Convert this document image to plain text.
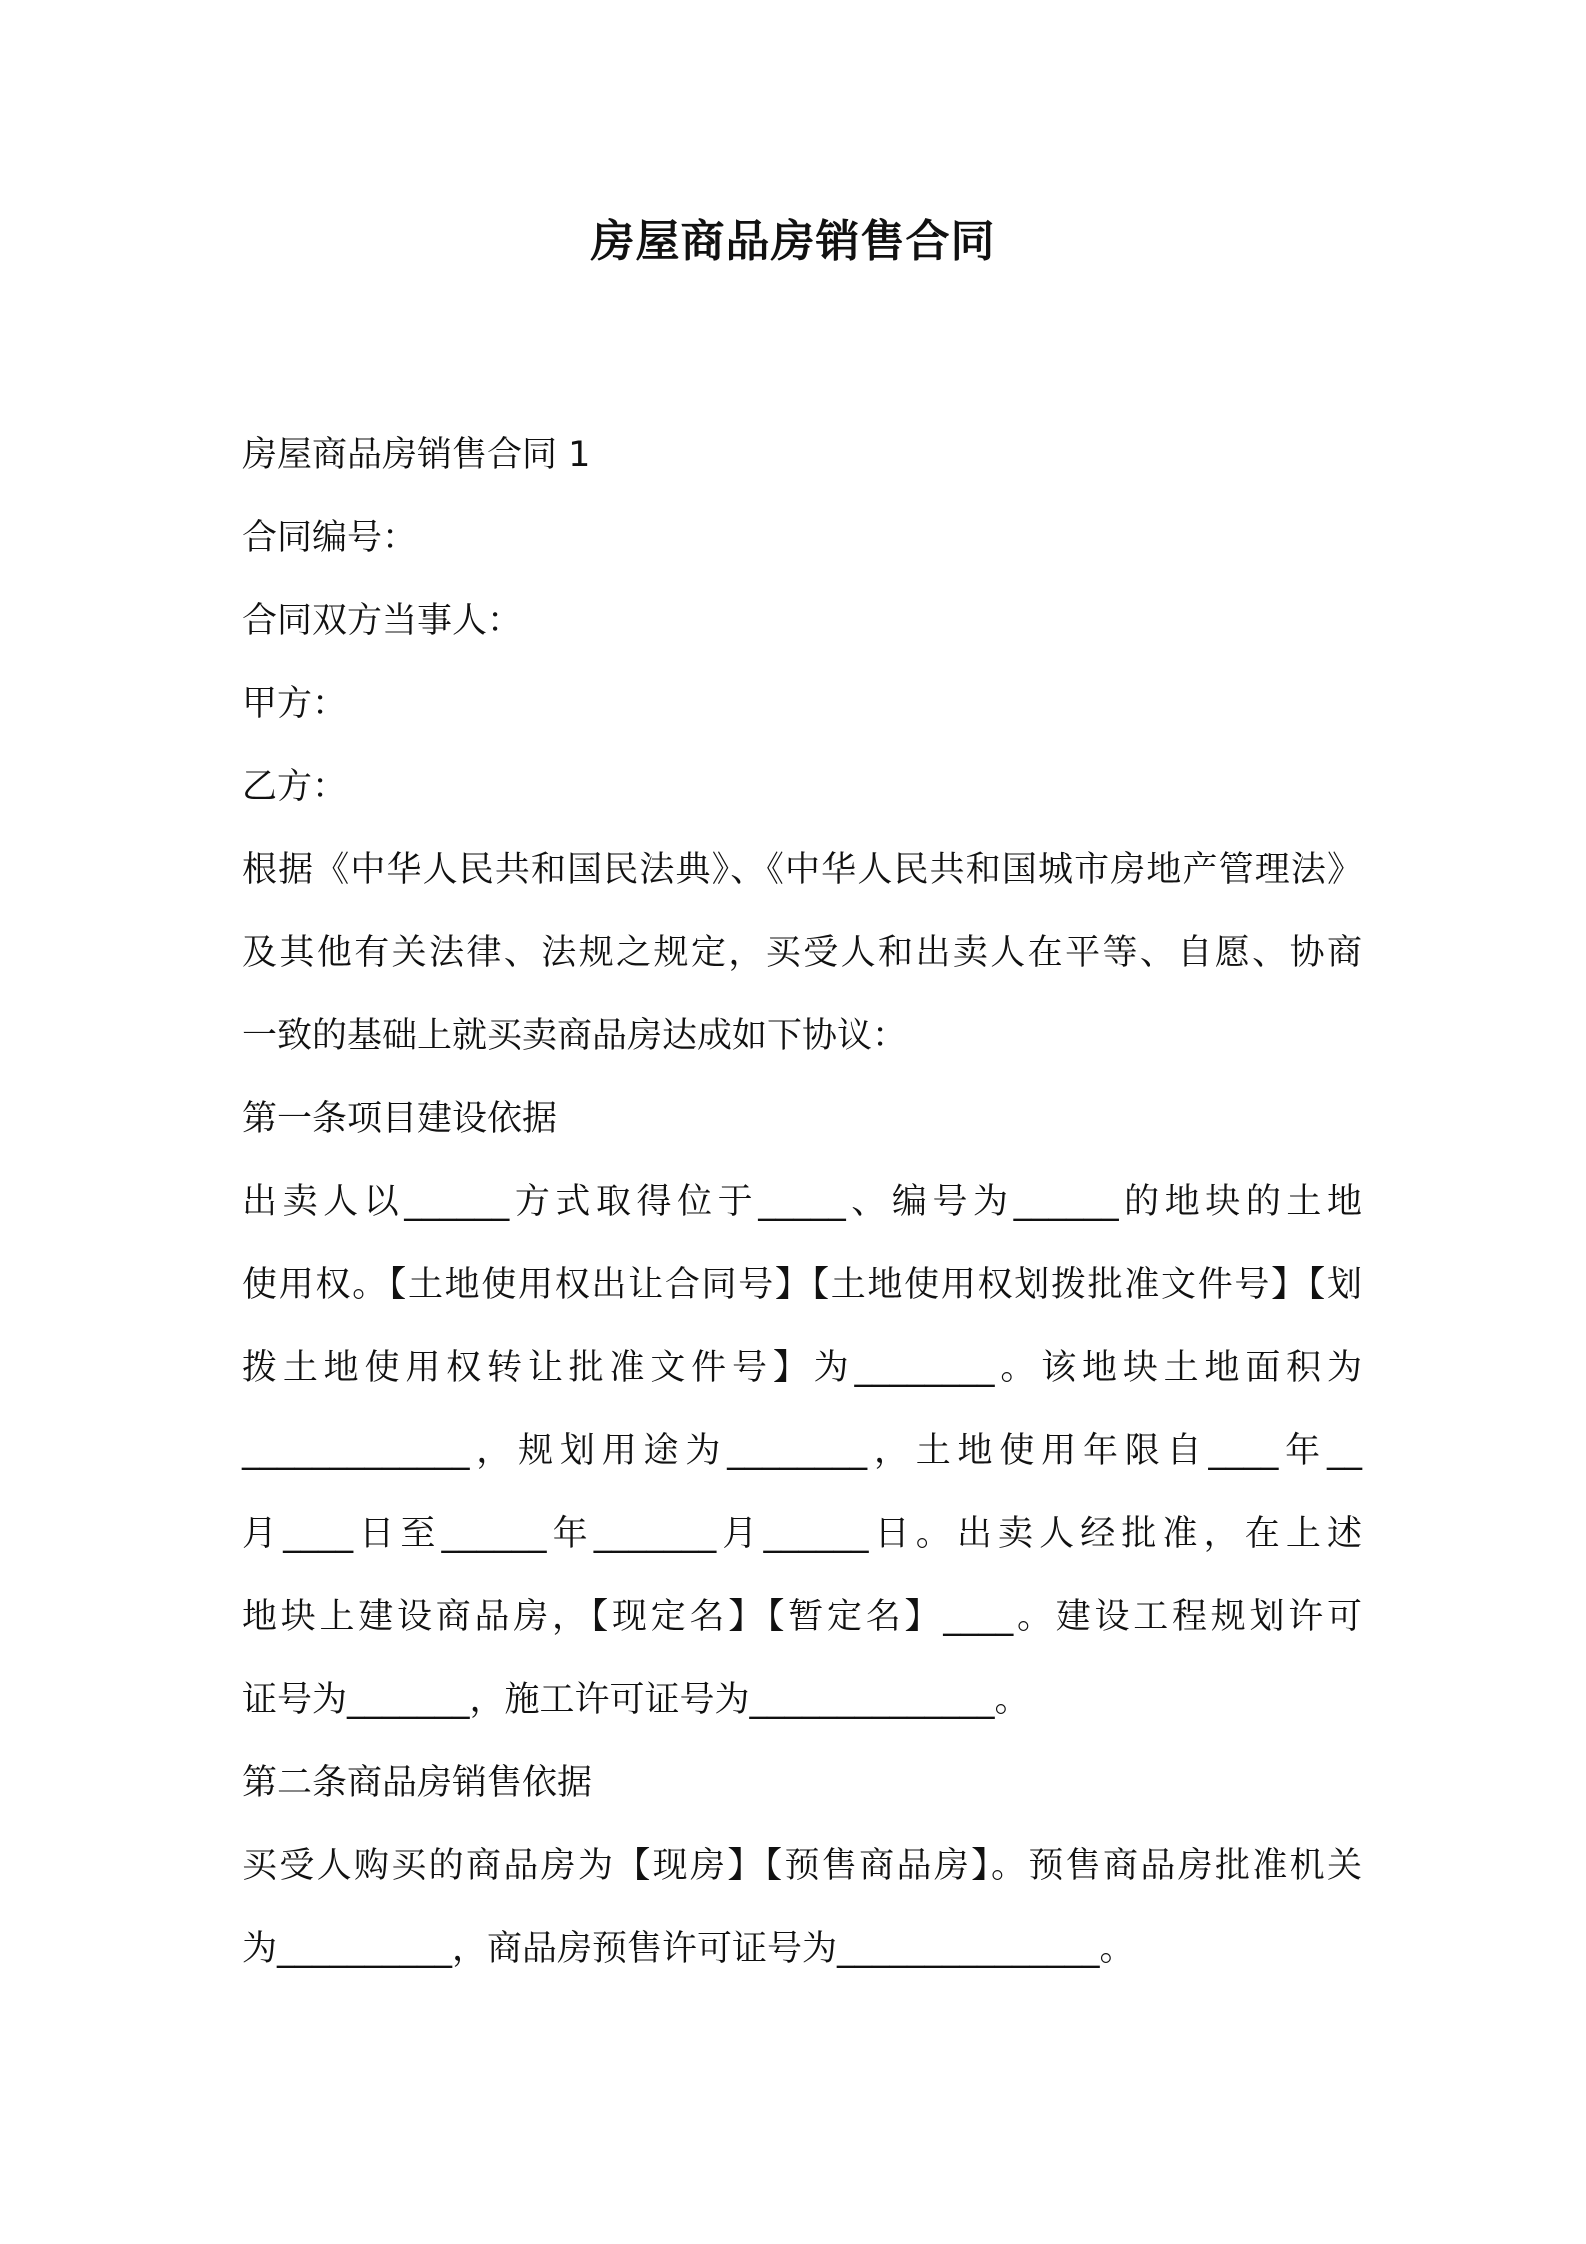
房屋商品房销售合同
房屋商品房销售合同 1
合同编号：
合同双方当事人：
甲方：
乙方：
根据《中华人民共和国民法典》、《中华人民共和国城市房地产管理法》
及其他有关法律、法规之规定，买受人和出卖人在平等、自愿、协商
一致的基础上就买卖商品房达成如下协议：
第一条项目建设依据
出卖人以______方式取得位于_____、编号为______的地块的土地
使用权。【土地使用权出让合同号】【土地使用权划拨批准文件号】【划
拨土地使用权转让批准文件号】为________。该地块土地面积为
_____________，规划用途为________，土地使用年限自____年__
月____日至______年_______月______日。出卖人经批准，在上述
地块上建设商品房，【现定名】【暂定名】____。建设工程规划许可
证号为_______，施工许可证号为______________。
第二条商品房销售依据
买受人购买的商品房为【现房】【预售商品房】。预售商品房批准机关
为__________，商品房预售许可证号为_______________。
